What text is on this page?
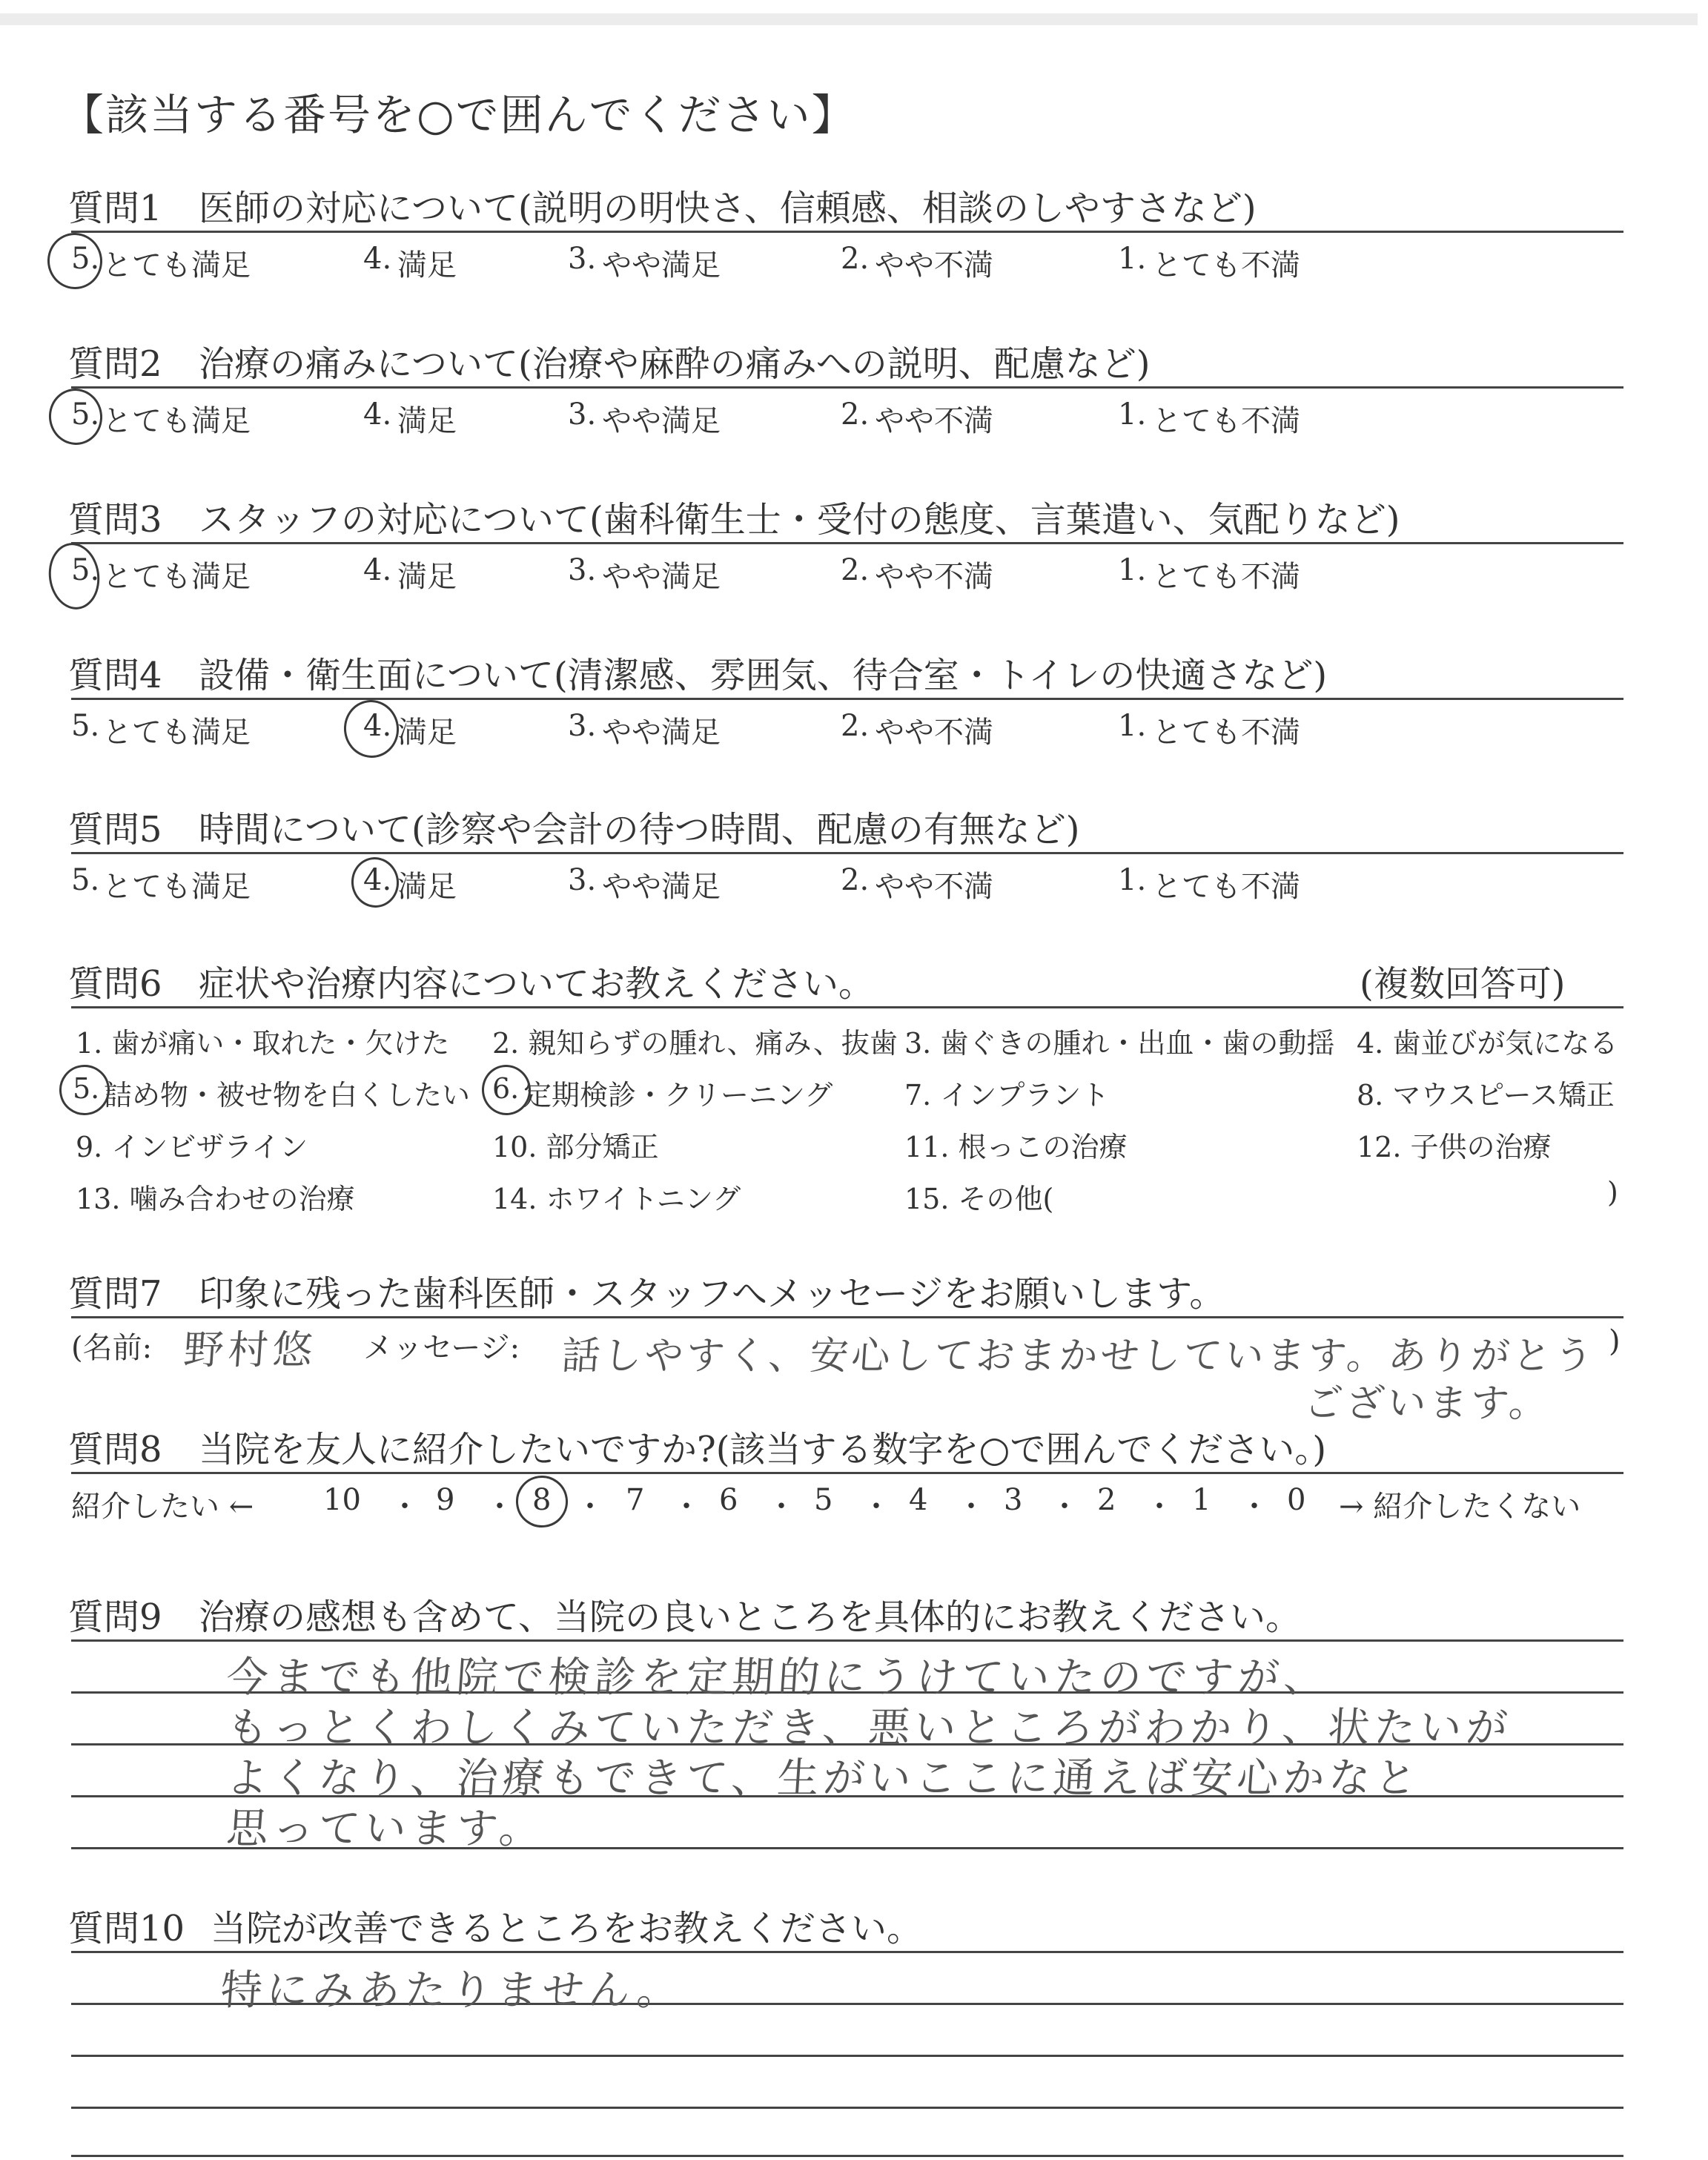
【該当する番号を○で囲んでください】
質問1 医師の対応について(説明の明快さ、信頼感、相談のしやすさなど)
5. とても満足	4. 満足	3. やや満足	2. やや不満	1. とても不満
質問2 治療の痛みについて(治療や麻酔の痛みへの説明、配慮など)
5. とても満足	4. 満足	3. やや満足	2. やや不満	1. とても不満
質問3 スタッフの対応について(歯科衛生士・受付の態度、言葉遣い、気配りなど)
5. とても満足	4. 満足	3. やや満足	2. やや不満	1. とても不満
質問4 設備・衛生面について(清潔感、雰囲気、待合室・トイレの快適さなど)
5. とても満足	4. 満足	3. やや満足	2. やや不満	1. とても不満
質問5 時間について(診察や会計の待つ時間、配慮の有無など)
5. とても満足	4. 満足	3. やや満足	2. やや不満	1. とても不満
質問6 症状や治療内容についてお教えください。	(複数回答可)
1. 歯が痛い・取れた・欠けた 2. 親知らずの腫れ、痛み、抜歯 3. 歯ぐきの腫れ・出血・歯の動揺 4. 歯並びが気になる
5. 詰め物・被せ物を白くしたい 6. 定期検診・クリーニング	7. インプラント	8. マウスピース矯正
9. インビザライン	10. 部分矯正	11. 根っこの治療	12. 子供の治療
13. 噛み合わせの治療	14. ホワイトニング	15. その他(	)
質問7 印象に残った歯科医師・スタッフへメッセージをお願いします。
(名前: 野村悠 メッセージ: 話しやすく、安心しておまかせしています。ありがとう )
ございます。
質問8 当院を友人に紹介したいですか?(該当する数字を○で囲んでください。)
紹介したい ← 10	9	8	7	6	5	4	3	2	1	0 → 紹介したくない
・ ・ ・ ・ ・ ・ ・ ・ ・ ・
質問9 治療の感想も含めて、当院の良いところを具体的にお教えください。
今までも他院で検診を定期的にうけていたのですが、
もっとくわしくみていただき、悪いところがわかり、状たいが
よくなり、治療もできて、生がいここに通えば安心かなと
思っています。
質問10 当院が改善できるところをお教えください。
特にみあたりません。
